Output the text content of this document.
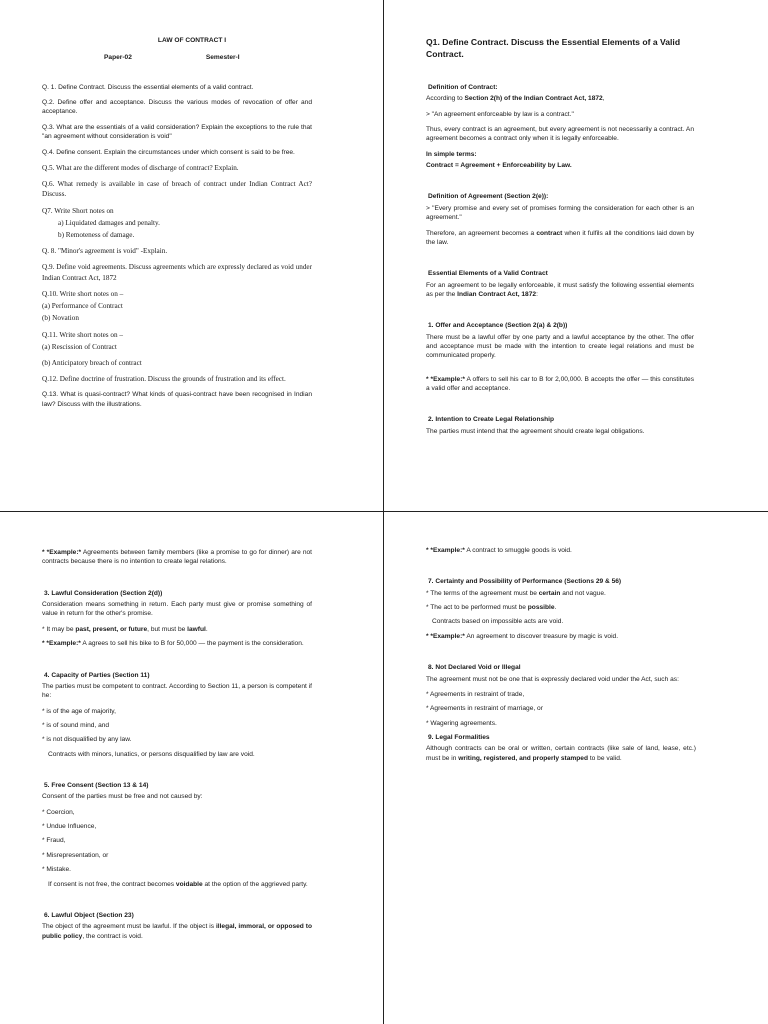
LAW OF CONTRACT I
Paper-02	Semester-I
Q. 1. Define Contract. Discuss the essential elements of a valid contract.
Q.2. Define offer and acceptance. Discuss the various modes of revocation of offer and acceptance.
Q.3. What are the essentials of a valid consideration? Explain the exceptions to the rule that "an agreement without consideration is void"
Q.4. Define consent. Explain the circumstances under which consent is said to be free.
Q.5. What are the different modes of discharge of contract? Explain.
Q.6. What remedy is available in case of breach of contract under Indian Contract Act? Discuss.
Q7. Write Short notes on
a) Liquidated damages and penalty.
b) Remoteness of damage.
Q. 8. "Minor's agreement is void" -Explain.
Q.9. Define void agreements. Discuss agreements which are expressly declared as void under Indian Contract Act, 1872
Q.10. Write short notes on –
(a) Performance of Contract
(b) Novation
Q.11. Write short notes on –
(a) Rescission of Contract
(b) Anticipatory breach of contract
Q.12. Define doctrine of frustration. Discuss the grounds of frustration and its effect.
Q.13. What is quasi-contract? What kinds of quasi-contract have been recognised in Indian law? Discuss with the illustrations.
Q1. Define Contract. Discuss the Essential Elements of a Valid Contract.
Definition of Contract:
According to Section 2(h) of the Indian Contract Act, 1872,
> "An agreement enforceable by law is a contract."
Thus, every contract is an agreement, but every agreement is not necessarily a contract. An agreement becomes a contract only when it is legally enforceable.
In simple terms:
Contract = Agreement + Enforceability by Law.
Definition of Agreement (Section 2(e)):
> "Every promise and every set of promises forming the consideration for each other is an agreement."
Therefore, an agreement becomes a contract when it fulfils all the conditions laid down by the law.
Essential Elements of a Valid Contract
For an agreement to be legally enforceable, it must satisfy the following essential elements as per the Indian Contract Act, 1872:
1. Offer and Acceptance (Section 2(a) & 2(b))
There must be a lawful offer by one party and a lawful acceptance by the other. The offer and acceptance must be made with the intention to create legal relations and must be communicated properly.
* *Example:* A offers to sell his car to B for 2,00,000. B accepts the offer — this constitutes a valid offer and acceptance.
2. Intention to Create Legal Relationship
The parties must intend that the agreement should create legal obligations.
* *Example:* Agreements between family members (like a promise to go for dinner) are not contracts because there is no intention to create legal relations.
3. Lawful Consideration (Section 2(d))
Consideration means something in return. Each party must give or promise something of value in return for the other's promise.
* It may be past, present, or future, but must be lawful.
* *Example:* A agrees to sell his bike to B for 50,000 — the payment is the consideration.
4. Capacity of Parties (Section 11)
The parties must be competent to contract. According to Section 11, a person is competent if he:
* is of the age of majority,
* is of sound mind, and
* is not disqualified by any law.
Contracts with minors, lunatics, or persons disqualified by law are void.
5. Free Consent (Section 13 & 14)
Consent of the parties must be free and not caused by:
* Coercion,
* Undue Influence,
* Fraud,
* Misrepresentation, or
* Mistake.
If consent is not free, the contract becomes voidable at the option of the aggrieved party.
6. Lawful Object (Section 23)
The object of the agreement must be lawful. If the object is illegal, immoral, or opposed to public policy, the contract is void.
* *Example:* A contract to smuggle goods is void.
7. Certainty and Possibility of Performance (Sections 29 & 56)
* The terms of the agreement must be certain and not vague.
* The act to be performed must be possible.
Contracts based on impossible acts are void.
* *Example:* An agreement to discover treasure by magic is void.
8. Not Declared Void or Illegal
The agreement must not be one that is expressly declared void under the Act, such as:
* Agreements in restraint of trade,
* Agreements in restraint of marriage, or
* Wagering agreements.
9. Legal Formalities
Although contracts can be oral or written, certain contracts (like sale of land, lease, etc.) must be in writing, registered, and properly stamped to be valid.
